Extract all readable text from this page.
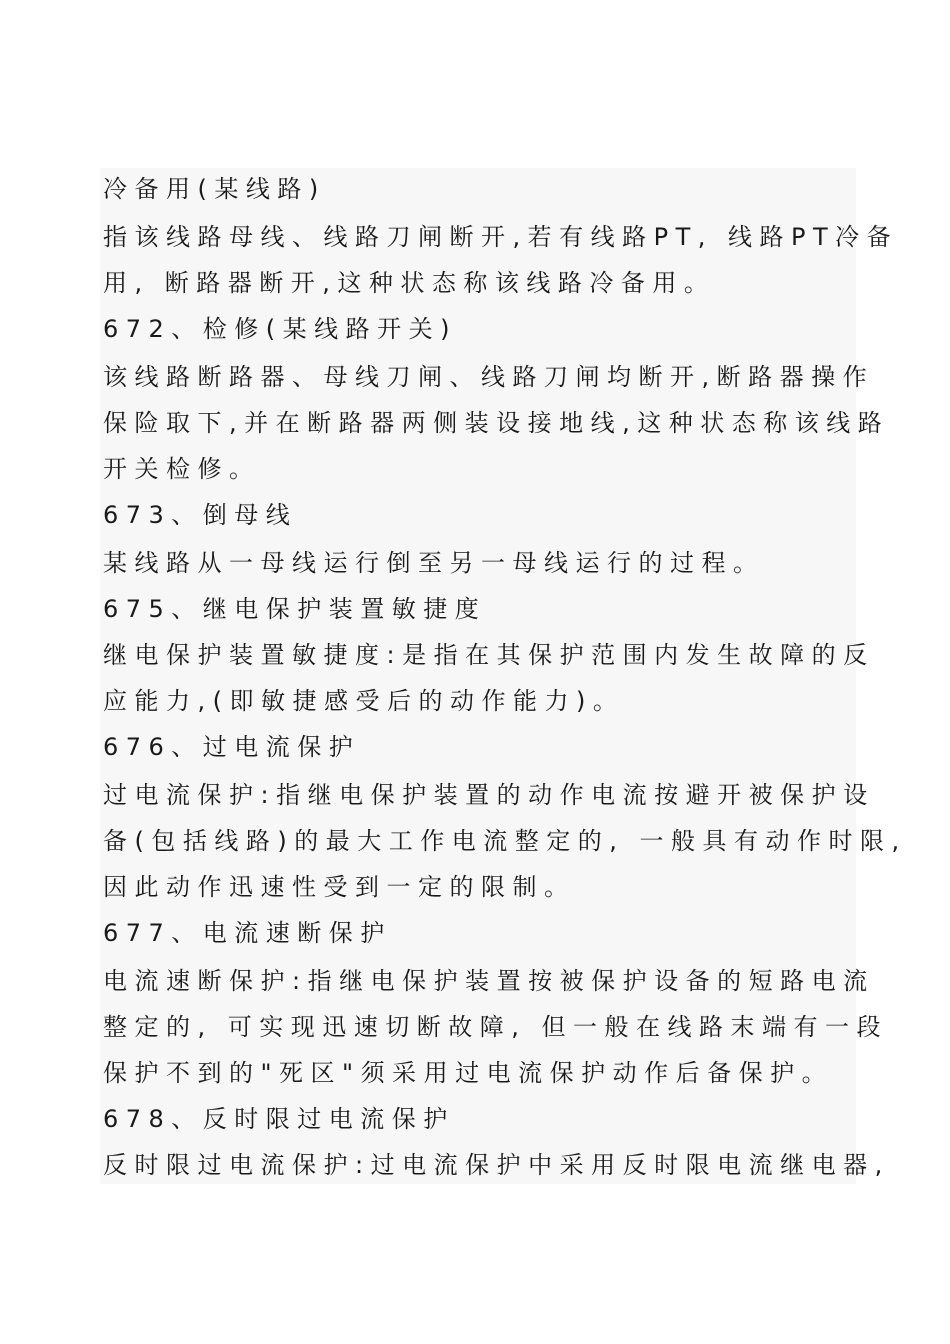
冷备用(某线路)
指该线路母线、线路刀闸断开,若有线路PT, 线路PT冷备
用, 断路器断开,这种状态称该线路冷备用。
672、检修(某线路开关)
该线路断路器、母线刀闸、线路刀闸均断开,断路器操作
保险取下,并在断路器两侧装设接地线,这种状态称该线路
开关检修。
673、倒母线
某线路从一母线运行倒至另一母线运行的过程。
675、继电保护装置敏捷度
继电保护装置敏捷度:是指在其保护范围内发生故障的反
应能力,(即敏捷感受后的动作能力)。
676、过电流保护
过电流保护:指继电保护装置的动作电流按避开被保护设
备(包括线路)的最大工作电流整定的, 一般具有动作时限,
因此动作迅速性受到一定的限制。
677、电流速断保护
电流速断保护:指继电保护装置按被保护设备的短路电流
整定的, 可实现迅速切断故障, 但一般在线路末端有一段
保护不到的"死区"须采用过电流保护动作后备保护。
678、反时限过电流保护
反时限过电流保护:过电流保护中采用反时限电流继电器,
